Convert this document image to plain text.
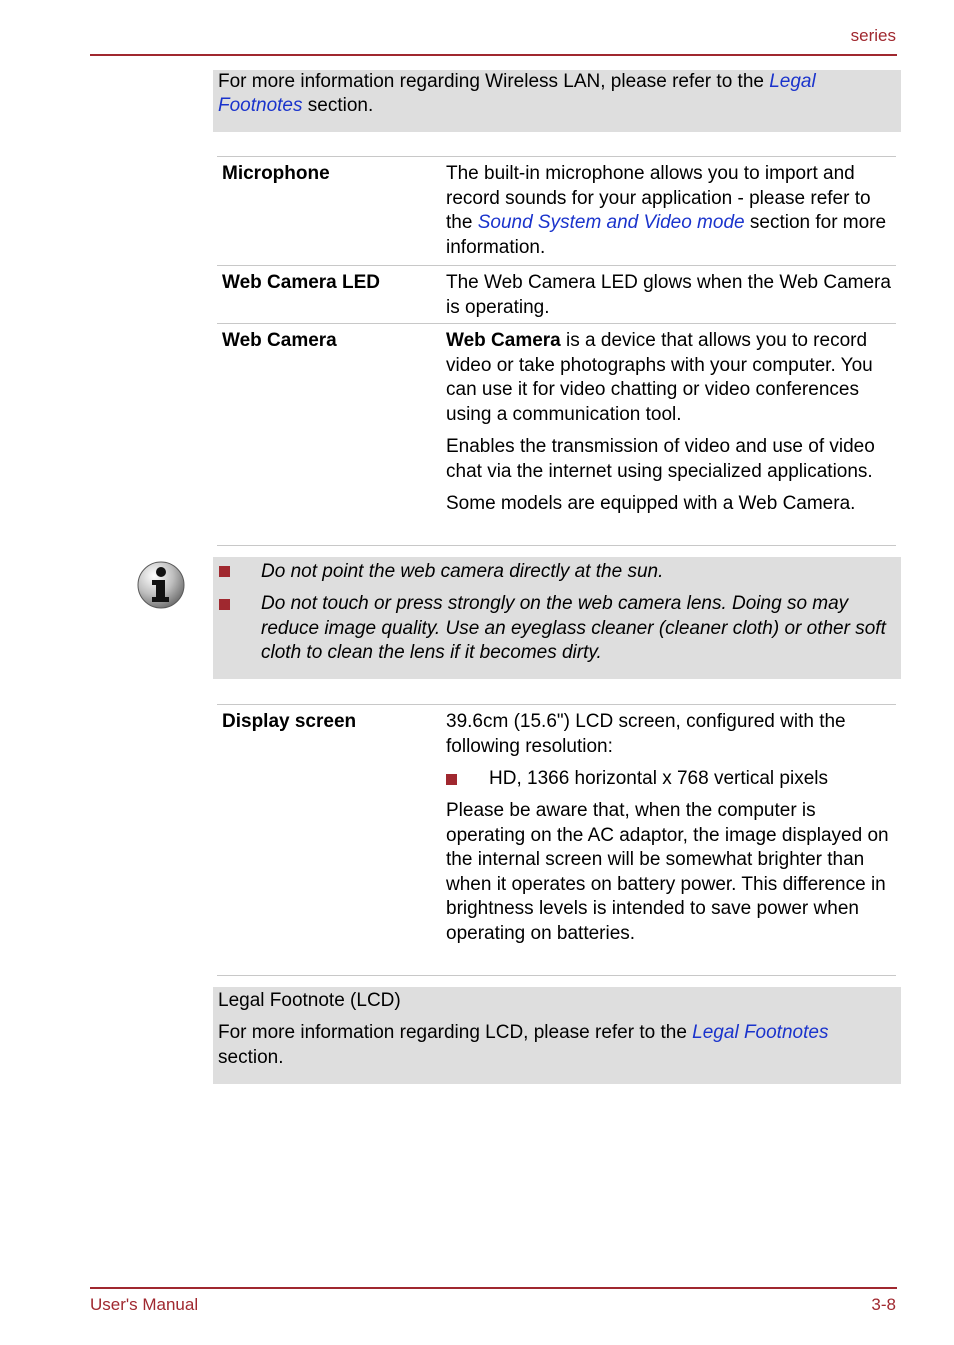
series

For more information regarding Wireless LAN, please refer to the Legal

Footnotes section.

Microphone	The built-in microphone allows you to import and record sounds for your application - please refer to the Sound System and Video mode section for more information.

Web Camera LED	The Web Camera LED glows when the Web Camera is operating.

Web Camera	Web Camera is a device that allows you to record video or take photographs with your computer. You can use it for video chatting or video conferences using a communication tool.

Enables the transmission of video and use of video chat via the internet using specialized applications.

Some models are equipped with a Web Camera.

Do not point the web camera directly at the sun.
Do not touch or press strongly on the web camera lens. Doing so may reduce image quality. Use an eyeglass cleaner (cleaner cloth) or other soft cloth to clean the lens if it becomes dirty.
Display screen	39.6cm (15.6") LCD screen, configured with the following resolution:

HD, 1366 horizontal x 768 vertical pixels

Please be aware that, when the computer is operating on the AC adaptor, the image displayed on the internal screen will be somewhat brighter than when it operates on battery power. This difference in brightness levels is intended to save power when operating on batteries.

Legal Footnote (LCD)
For more information regarding LCD, please refer to the Legal Footnotes
section.
User's Manual	3-8
